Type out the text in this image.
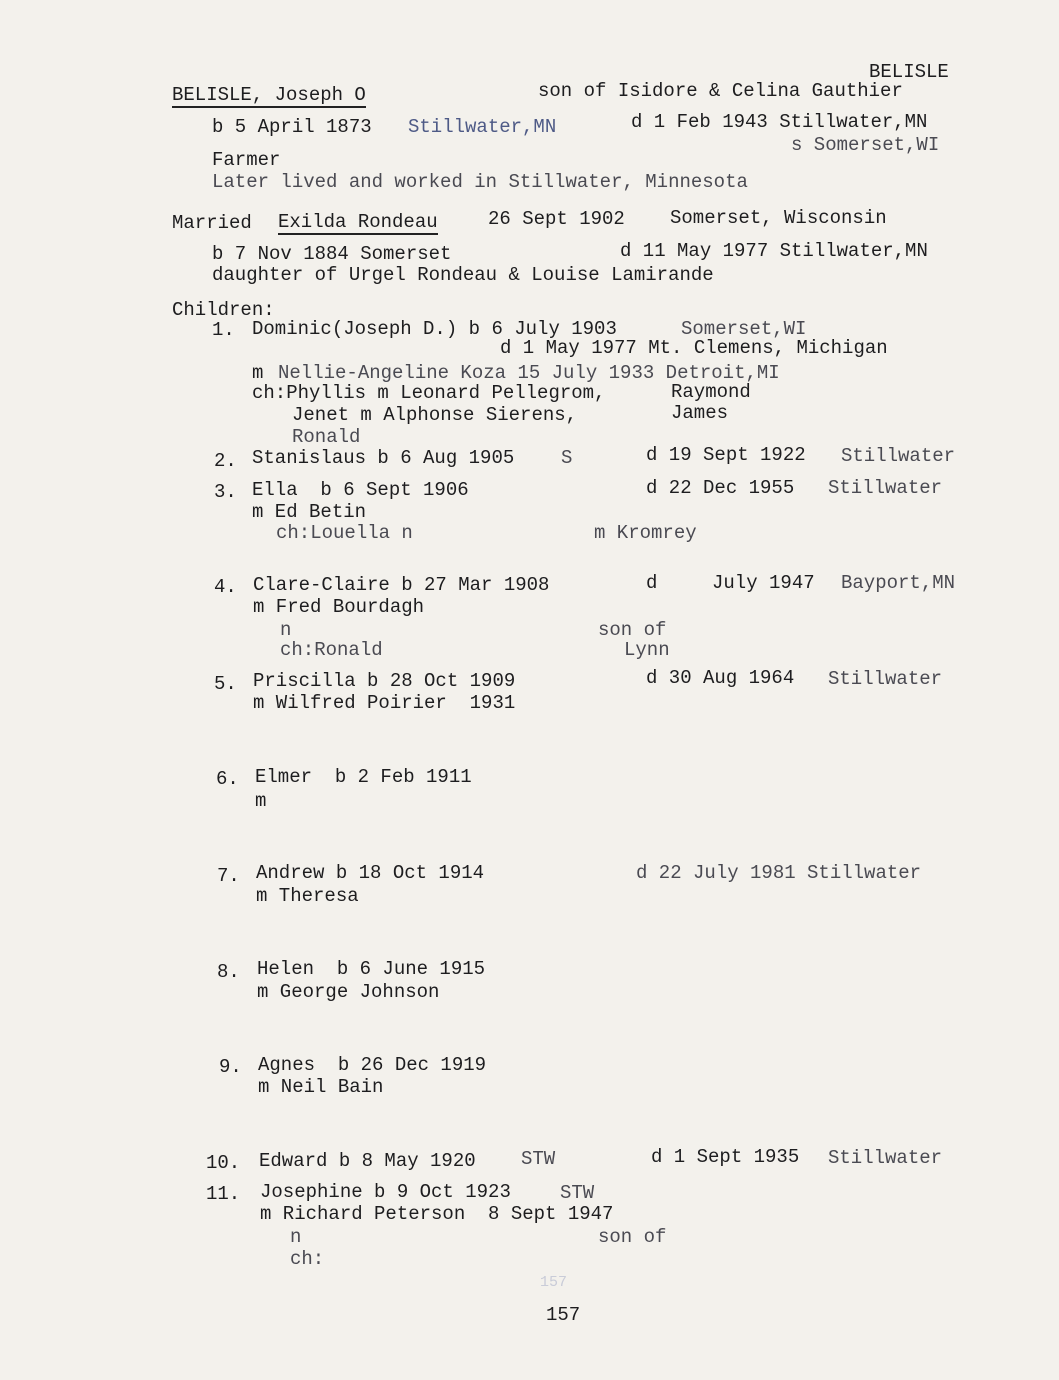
BELISLE
BELISLE, Joseph O	son of Isidore & Celina Gauthier
b 5 April 1873 Stillwater,MN	d 1 Feb 1943 Stillwater,MN
s Somerset,WI
Farmer
Later lived and worked in Stillwater, Minnesota
Married Exilda Rondeau	26 Sept 1902 Somerset, Wisconsin
b 7 Nov 1884 Somerset	d 11 May 1977 Stillwater,MN
daughter of Urgel Rondeau & Louise Lamirande
Children:
1. Dominic(Joseph D.) b 6 July 1903	Somerset,WI
d 1 May 1977 Mt. Clemens, Michigan
m Nellie-Angeline Koza 15 July 1933 Detroit,MI
ch:Phyllis m Leonard Pellegrom,	Raymond
Jenet m Alphonse Sierens,	James
Ronald
2. Stanislaus b 6 Aug 1905 S	d 19 Sept 1922 Stillwater
3. Ella  b 6 Sept 1906	d 22 Dec 1955 Stillwater
m Ed Betin
ch:Louella n	m Kromrey
4. Clare-Claire b 27 Mar 1908	d	July 1947 Bayport,MN
m Fred Bourdagh
n	son of
ch:Ronald	Lynn
5. Priscilla b 28 Oct 1909	d 30 Aug 1964 Stillwater
m Wilfred Poirier  1931
6. Elmer  b 2 Feb 1911
m
7. Andrew b 18 Oct 1914	d 22 July 1981 Stillwater
m Theresa
8. Helen  b 6 June 1915
m George Johnson
9. Agnes  b 26 Dec 1919
m Neil Bain
10. Edward b 8 May 1920 STW	d 1 Sept 1935 Stillwater
11. Josephine b 9 Oct 1923	STW
m Richard Peterson  8 Sept 1947
n	son of
ch:
157
157
